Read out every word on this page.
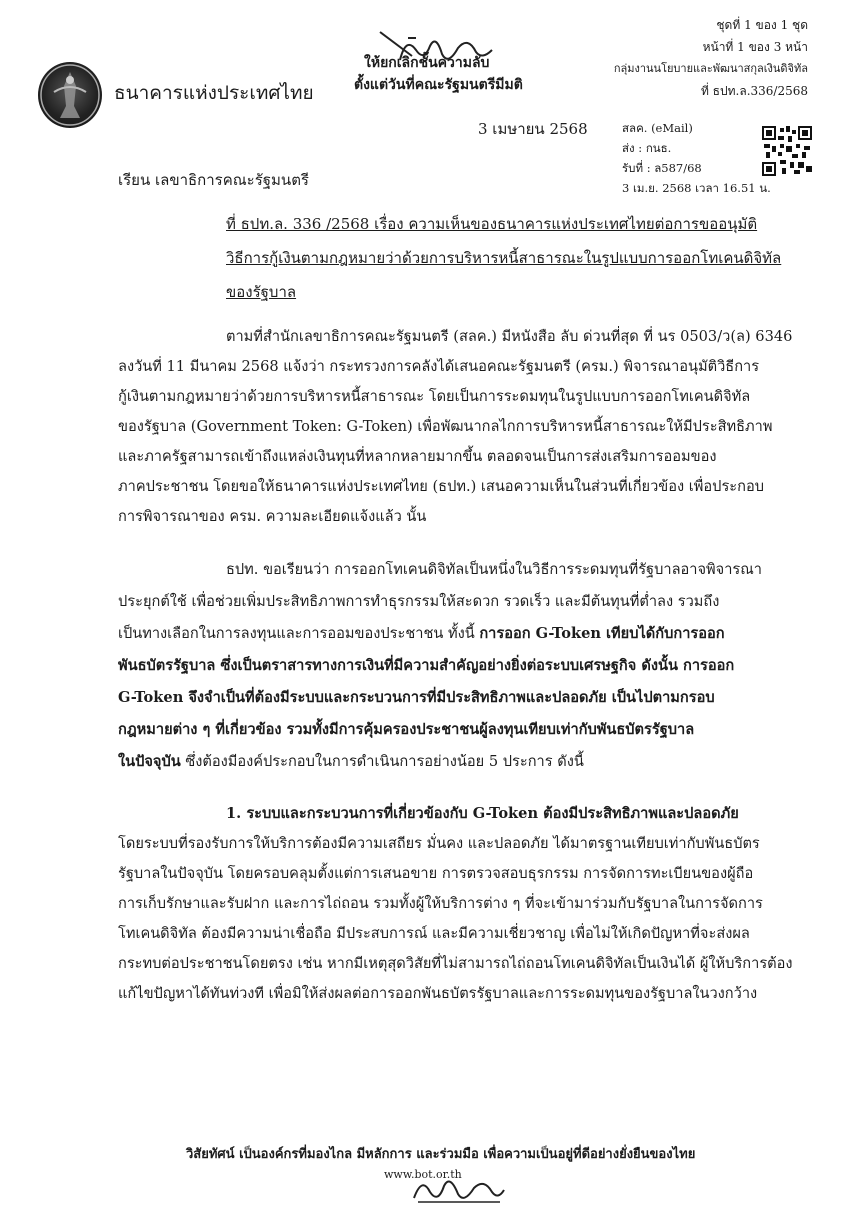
ธนาคารแห่งประเทศไทย
ให้ยกเลิกชั้นความลับ
ตั้งแต่วันที่คณะรัฐมนตรีมีมติ
ชุดที่ 1 ของ 1 ชุด
หน้าที่ 1 ของ 3 หน้า
กลุ่มงานนโยบายและพัฒนาสกุลเงินดิจิทัล
ที่ ธปท.ล.336/2568
3 เมษายน 2568	สลค. (eMail)
ส่ง : กนธ.
รับที่ : ล587/68
3 เม.ย. 2568 เวลา 16.51 น.
เรียน เลขาธิการคณะรัฐมนตรี
ที่ ธปท.ล. 336 /2568 เรื่อง ความเห็นของธนาคารแห่งประเทศไทยต่อการขออนุมัติ
วิธีการกู้เงินตามกฎหมายว่าด้วยการบริหารหนี้สาธารณะในรูปแบบการออกโทเคนดิจิทัล
ของรัฐบาล
ตามที่สำนักเลขาธิการคณะรัฐมนตรี (สลค.) มีหนังสือ ลับ ด่วนที่สุด ที่ นร 0503/ว(ล) 6346
ลงวันที่ 11 มีนาคม 2568 แจ้งว่า กระทรวงการคลังได้เสนอคณะรัฐมนตรี (ครม.) พิจารณาอนุมัติวิธีการ
กู้เงินตามกฎหมายว่าด้วยการบริหารหนี้สาธารณะ โดยเป็นการระดมทุนในรูปแบบการออกโทเคนดิจิทัล
ของรัฐบาล (Government Token: G-Token) เพื่อพัฒนากลไกการบริหารหนี้สาธารณะให้มีประสิทธิภาพ
และภาครัฐสามารถเข้าถึงแหล่งเงินทุนที่หลากหลายมากขึ้น ตลอดจนเป็นการส่งเสริมการออมของ
ภาคประชาชน โดยขอให้ธนาคารแห่งประเทศไทย (ธปท.) เสนอความเห็นในส่วนที่เกี่ยวข้อง เพื่อประกอบ
การพิจารณาของ ครม. ความละเอียดแจ้งแล้ว นั้น
ธปท. ขอเรียนว่า การออกโทเคนดิจิทัลเป็นหนึ่งในวิธีการระดมทุนที่รัฐบาลอาจพิจารณา
ประยุกต์ใช้ เพื่อช่วยเพิ่มประสิทธิภาพการทำธุรกรรมให้สะดวก รวดเร็ว และมีต้นทุนที่ต่ำลง รวมถึง
เป็นทางเลือกในการลงทุนและการออมของประชาชน ทั้งนี้ การออก G-Token เทียบได้กับการออก
พันธบัตรรัฐบาล ซึ่งเป็นตราสารทางการเงินที่มีความสำคัญอย่างยิ่งต่อระบบเศรษฐกิจ ดังนั้น การออก
G-Token จึงจำเป็นที่ต้องมีระบบและกระบวนการที่มีประสิทธิภาพและปลอดภัย เป็นไปตามกรอบ
กฎหมายต่าง ๆ ที่เกี่ยวข้อง รวมทั้งมีการคุ้มครองประชาชนผู้ลงทุนเทียบเท่ากับพันธบัตรรัฐบาล
ในปัจจุบัน ซึ่งต้องมีองค์ประกอบในการดำเนินการอย่างน้อย 5 ประการ ดังนี้
1. ระบบและกระบวนการที่เกี่ยวข้องกับ G-Token ต้องมีประสิทธิภาพและปลอดภัย
โดยระบบที่รองรับการให้บริการต้องมีความเสถียร มั่นคง และปลอดภัย ได้มาตรฐานเทียบเท่ากับพันธบัตร
รัฐบาลในปัจจุบัน โดยครอบคลุมตั้งแต่การเสนอขาย การตรวจสอบธุรกรรม การจัดการทะเบียนของผู้ถือ
การเก็บรักษาและรับฝาก และการไถ่ถอน รวมทั้งผู้ให้บริการต่าง ๆ ที่จะเข้ามาร่วมกับรัฐบาลในการจัดการ
โทเคนดิจิทัล ต้องมีความน่าเชื่อถือ มีประสบการณ์ และมีความเชี่ยวชาญ เพื่อไม่ให้เกิดปัญหาที่จะส่งผล
กระทบต่อประชาชนโดยตรง เช่น หากมีเหตุสุดวิสัยที่ไม่สามารถไถ่ถอนโทเคนดิจิทัลเป็นเงินได้ ผู้ให้บริการต้อง
แก้ไขปัญหาได้ทันท่วงที เพื่อมิให้ส่งผลต่อการออกพันธบัตรรัฐบาลและการระดมทุนของรัฐบาลในวงกว้าง
วิสัยทัศน์ เป็นองค์กรที่มองไกล มีหลักการ และร่วมมือ เพื่อความเป็นอยู่ที่ดีอย่างยั่งยืนของไทย
www.bot.or.th
